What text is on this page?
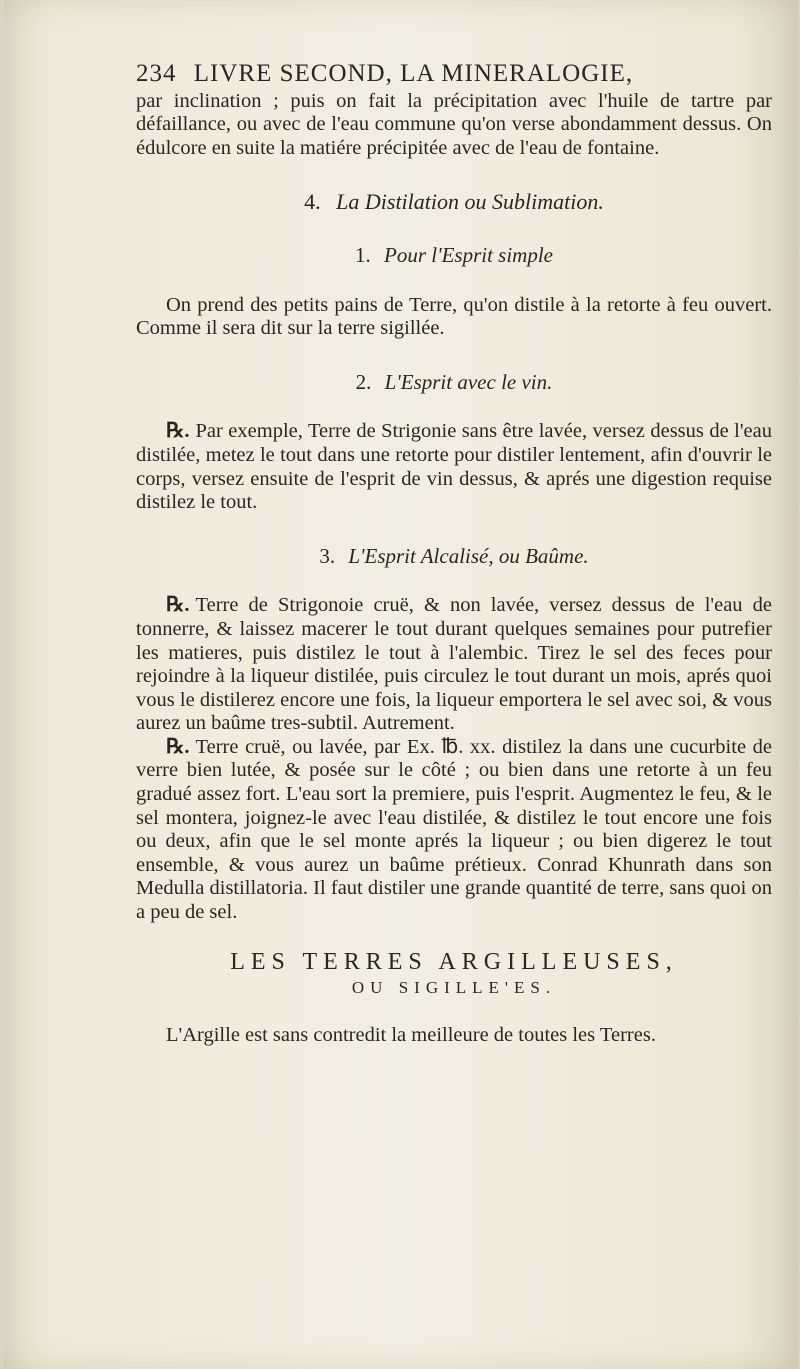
234 LIVRE SECOND, LA MINERALOGIE,

par inclination ; puis on fait la précipitation avec l'huile de tartre par défaillance, ou avec de l'eau commune qu'on verse abondamment dessus. On édulcore en suite la matiére précipitée avec de l'eau de fontaine.

4. La Distilation ou Sublimation.
1. Pour l'Esprit simple

On prend des petits pains de Terre, qu'on distile à la retorte à feu ouvert. Comme il sera dit sur la terre sigillée.

2. L'Esprit avec le vin.

℞. Par exemple, Terre de Strigonie sans être lavée, versez dessus de l'eau distilée, metez le tout dans une retorte pour distiler lentement, afin d'ouvrir le corps, versez ensuite de l'esprit de vin dessus, & aprés une digestion requise distilez le tout.

3. L'Esprit Alcalisé, ou Baûme.

℞. Terre de Strigonoie cruë, & non lavée, versez dessus de l'eau de tonnerre, & laissez macerer le tout durant quelques semaines pour putrefier les matieres, puis distilez le tout à l'alembic. Tirez le sel des feces pour rejoindre à la liqueur distilée, puis circulez le tout durant un mois, aprés quoi vous le distilerez encore une fois, la liqueur emportera le sel avec soi, & vous aurez un baûme tres-subtil. Autrement.

℞. Terre cruë, ou lavée, par Ex. ℔. xx. distilez la dans une cucurbite de verre bien lutée, & posée sur le côté ; ou bien dans une retorte à un feu gradué assez fort. L'eau sort la premiere, puis l'esprit. Augmentez le feu, & le sel montera, joignez-le avec l'eau distilée, & distilez le tout encore une fois ou deux, afin que le sel monte aprés la liqueur ; ou bien digerez le tout ensemble, & vous aurez un baûme prétieux. Conrad Khunrath dans son Medulla distillatoria. Il faut distiler une grande quantité de terre, sans quoi on a peu de sel.

LES TERRES ARGILLEUSES,
OU SIGILLE'ES.

L'Argille est sans contredit la meilleure de toutes les Terres.
